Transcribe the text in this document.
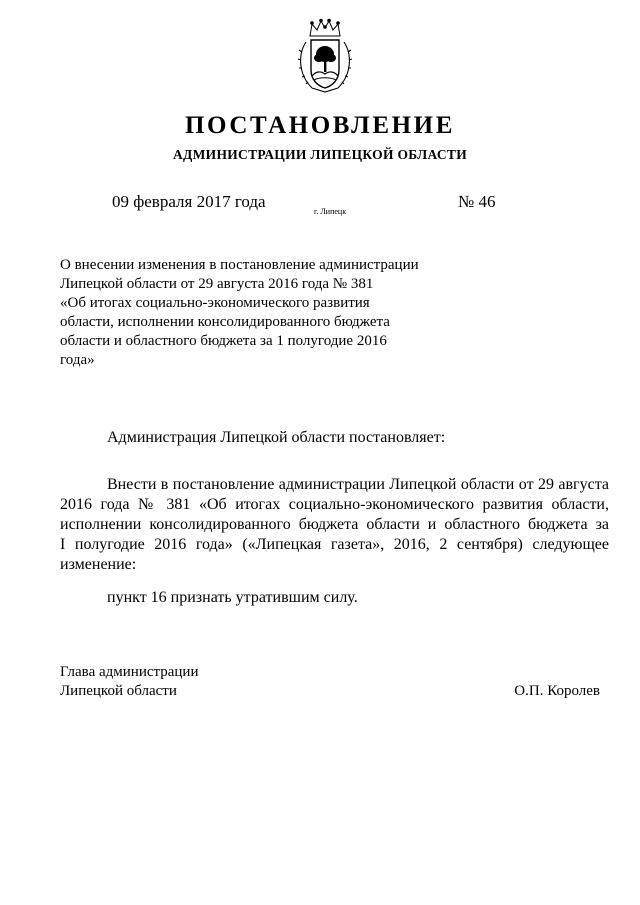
ПОСТАНОВЛЕНИЕ
АДМИНИСТРАЦИИ ЛИПЕЦКОЙ ОБЛАСТИ
09 февраля 2017 года
г. Липецк
№ 46
О внесении изменения в постановление администрации
Липецкой области от 29 августа 2016 года № 381
«Об итогах социально-экономического развития
области, исполнении консолидированного бюджета
области и областного бюджета за 1 полугодие 2016
года»
Администрация Липецкой области постановляет:
Внести в постановление администрации Липецкой области от 29 августа
2016 года № 381 «Об итогах социально-экономического развития области,
исполнении консолидированного бюджета области и областного бюджета за
I полугодие 2016 года» («Липецкая газета», 2016, 2 сентября) следующее
изменение:
пункт 16 признать утратившим силу.
Глава администрации
Липецкой области	О.П. Королев
